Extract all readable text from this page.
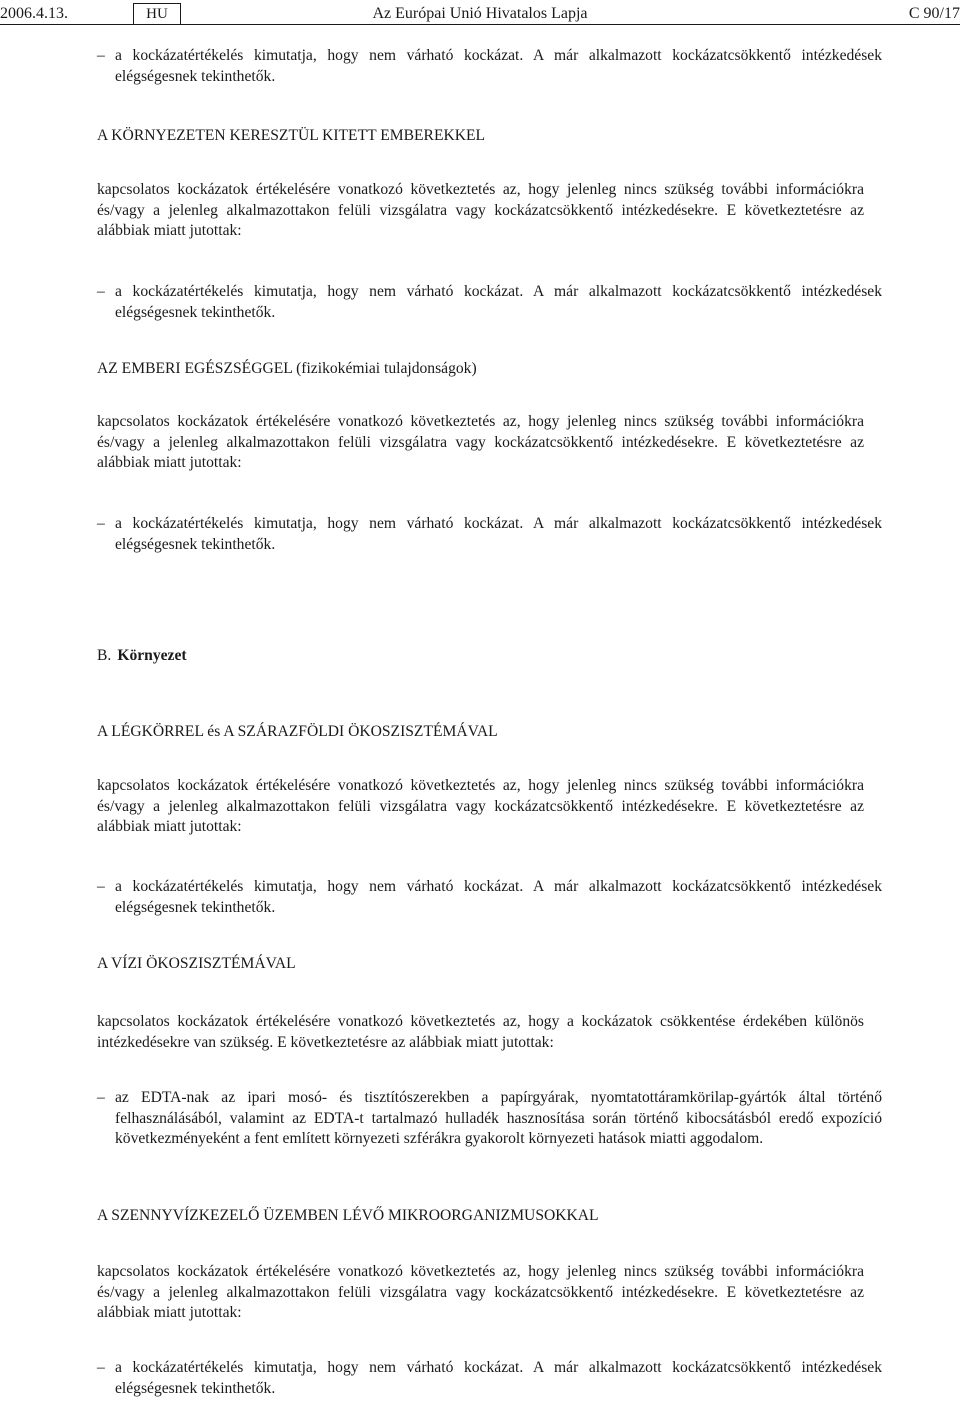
2006.4.13.	HU	Az Európai Unió Hivatalos Lapja	C 90/17
– a kockázatértékelés kimutatja, hogy nem várható kockázat. A már alkalmazott kockázatcsökkentő intézkedések elégségesnek tekinthetők.
A KÖRNYEZETEN KERESZTÜL KITETT EMBEREKKEL
kapcsolatos kockázatok értékelésére vonatkozó következtetés az, hogy jelenleg nincs szükség további információkra és/vagy a jelenleg alkalmazottakon felüli vizsgálatra vagy kockázatcsökkentő intézkedésekre. E következtetésre az alábbiak miatt jutottak:
– a kockázatértékelés kimutatja, hogy nem várható kockázat. A már alkalmazott kockázatcsökkentő intézkedések elégségesnek tekinthetők.
AZ EMBERI EGÉSZSÉGGEL (fizikokémiai tulajdonságok)
kapcsolatos kockázatok értékelésére vonatkozó következtetés az, hogy jelenleg nincs szükség további információkra és/vagy a jelenleg alkalmazottakon felüli vizsgálatra vagy kockázatcsökkentő intézkedésekre. E következtetésre az alábbiak miatt jutottak:
– a kockázatértékelés kimutatja, hogy nem várható kockázat. A már alkalmazott kockázatcsökkentő intézkedések elégségesnek tekinthetők.
B. Környezet
A LÉGKÖRREL és A SZÁRAZFÖLDI ÖKOSZISZTÉMÁVAL
kapcsolatos kockázatok értékelésére vonatkozó következtetés az, hogy jelenleg nincs szükség további információkra és/vagy a jelenleg alkalmazottakon felüli vizsgálatra vagy kockázatcsökkentő intézkedésekre. E következtetésre az alábbiak miatt jutottak:
– a kockázatértékelés kimutatja, hogy nem várható kockázat. A már alkalmazott kockázatcsökkentő intézkedések elégségesnek tekinthetők.
A VÍZI ÖKOSZISZTÉMÁVAL
kapcsolatos kockázatok értékelésére vonatkozó következtetés az, hogy a kockázatok csökkentése érdekében különös intézkedésekre van szükség. E következtetésre az alábbiak miatt jutottak:
– az EDTA-nak az ipari mosó- és tisztítószerekben a papírgyárak, nyomtatottáramkörilap-gyártók által történő felhasználásából, valamint az EDTA-t tartalmazó hulladék hasznosítása során történő kibocsátásból eredő expozíció következményeként a fent említett környezeti szférákra gyakorolt környezeti hatások miatti aggodalom.
A SZENNYVÍZKEZELŐ ÜZEMBEN LÉVŐ MIKROORGANIZMUSOKKAL
kapcsolatos kockázatok értékelésére vonatkozó következtetés az, hogy jelenleg nincs szükség további információkra és/vagy a jelenleg alkalmazottakon felüli vizsgálatra vagy kockázatcsökkentő intézkedésekre. E következtetésre az alábbiak miatt jutottak:
– a kockázatértékelés kimutatja, hogy nem várható kockázat. A már alkalmazott kockázatcsökkentő intézkedések elégségesnek tekinthetők.
